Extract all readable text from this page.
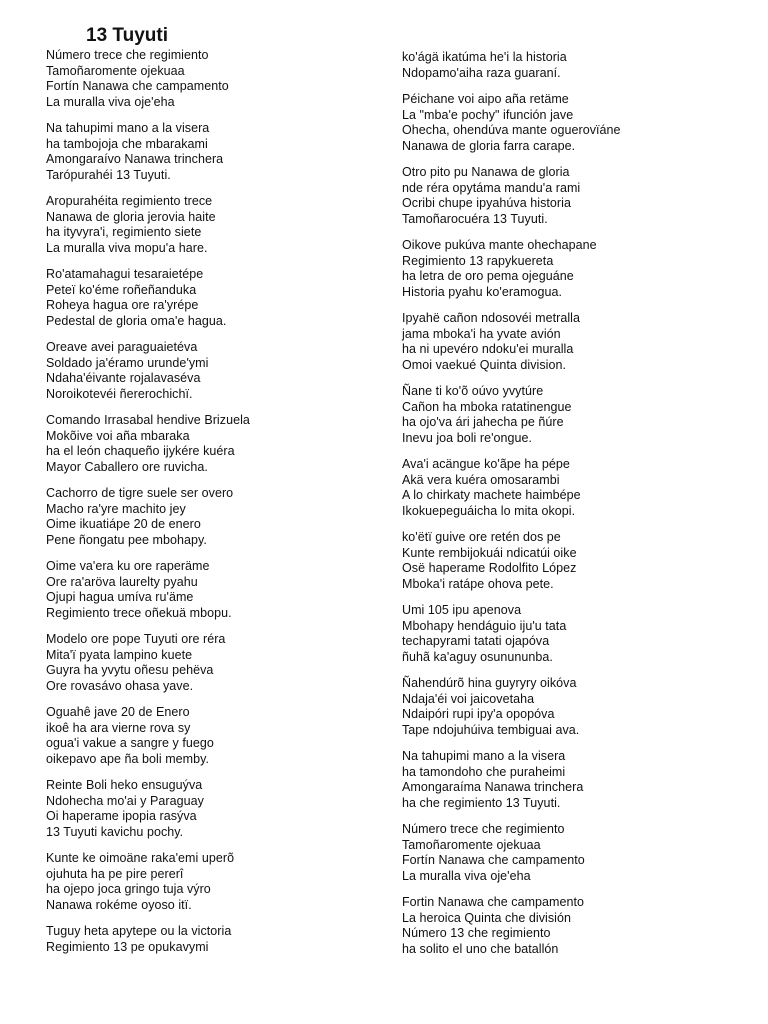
13 Tuyuti
Número trece che regimiento
Tamoñaromente ojekuaa
Fortín Nanawa che campamento
La muralla viva oje'eha
Na tahupimi mano a la visera
ha tambojoja che mbarakami
Amongaraívo Nanawa trinchera
Tarópurahéi 13 Tuyuti.
Aropurahéita regimiento trece
Nanawa de gloria jerovia haite
ha ityvyra'i, regimiento siete
La muralla viva mopu'a hare.
Ro'atamahagui tesaraietépe
Peteï ko'éme roñeñanduka
Roheya hagua ore ra'yrépe
Pedestal de gloria oma'e hagua.
Oreave avei paraguaietéva
Soldado ja'éramo urunde'ymi
Ndaha'éivante rojalavaséva
Noroikotevéi ñererochichï.
Comando Irrasabal hendive Brizuela
Mokõive voi aña mbaraka
ha el león chaqueño ijykére kuéra
Mayor Caballero ore ruvicha.
Cachorro de tigre suele ser overo
Macho ra'yre machito jey
Oime ikuatiápe 20 de enero
Pene ñongatu pee mbohapy.
Oime va'era ku ore raperäme
Ore ra'aröva laurelty pyahu
Ojupi hagua umíva ru'äme
Regimiento trece oñekuä mbopu.
Modelo ore pope Tuyuti ore réra
Mita'ï pyata lampino kuete
Guyra ha yvytu oñesu pehëva
Ore rovasávo ohasa yave.
Oguahê jave 20 de Enero
ikoê ha ara vierne rova sy
ogua'i vakue a sangre y fuego
oikepavo ape ña boli memby.
Reinte Boli heko ensuguýva
Ndohecha mo'ai y Paraguay
Oi haperame ipopia rasýva
13 Tuyuti kavichu pochy.
Kunte ke oimoäne raka'emi uperõ
ojuhuta ha pe pire pererî
ha ojepo joca gringo tuja výro
Nanawa rokéme oyoso itï.
Tuguy heta apytepe ou la victoria
Regimiento 13 pe opukavymi
ko'ágä ikatúma he'i la historia
Ndopamo'aiha raza guaraní.
Péichane voi aipo aña retäme
La "mba'e pochy" ifunción jave
Ohecha, ohendúva mante oguerovïáne
Nanawa de gloria farra carape.
Otro pito pu Nanawa de gloria
nde réra opytáma mandu'a rami
Ocribi chupe ipyahúva historia
Tamoñarocuéra 13 Tuyuti.
Oikove pukúva mante ohechapane
Regimiento 13 rapykuereta
ha letra de oro pema ojeguáne
Historia pyahu ko'eramogua.
Ipyahë cañon ndosovéi metralla
jama mboka'i ha yvate avión
ha ni upevéro ndoku'ei muralla
Omoi vaekué Quinta division.
Ñane ti ko'õ oúvo yvytúre
Cañon ha mboka ratatinengue
ha ojo'va ári jahecha pe ñúre
Inevu joa boli re'ongue.
Ava'i acängue ko'ãpe ha pépe
Akä vera kuéra omosarambi
A lo chirkaty machete haimbépe
Ikokuepeguáicha lo mita okopi.
ko'ëtï guive ore retén dos pe
Kunte rembijokuái ndicatúi oike
Osë haperame Rodolfito López
Mboka'i ratápe ohova pete.
Umi 105 ipu apenova
Mbohapy hendáguio iju'u tata
techapyrami tatati ojapóva
ñuhã ka'aguy osunununba.
Ñahendúrõ hina guyryry oikóva
Ndaja'éi voi jaicovetaha
Ndaipóri rupi ipy'a opopóva
Tape ndojuhúiva tembiguai ava.
Na tahupimi mano a la visera
ha tamondoho che puraheimi
Amongaraíma Nanawa trinchera
ha che regimiento 13 Tuyuti.
Número trece che regimiento
Tamoñaromente ojekuaa
Fortín Nanawa che campamento
La muralla viva oje'eha
Fortin Nanawa che campamento
La heroica Quinta che división
Número 13 che regimiento
ha solito el uno che batallón
